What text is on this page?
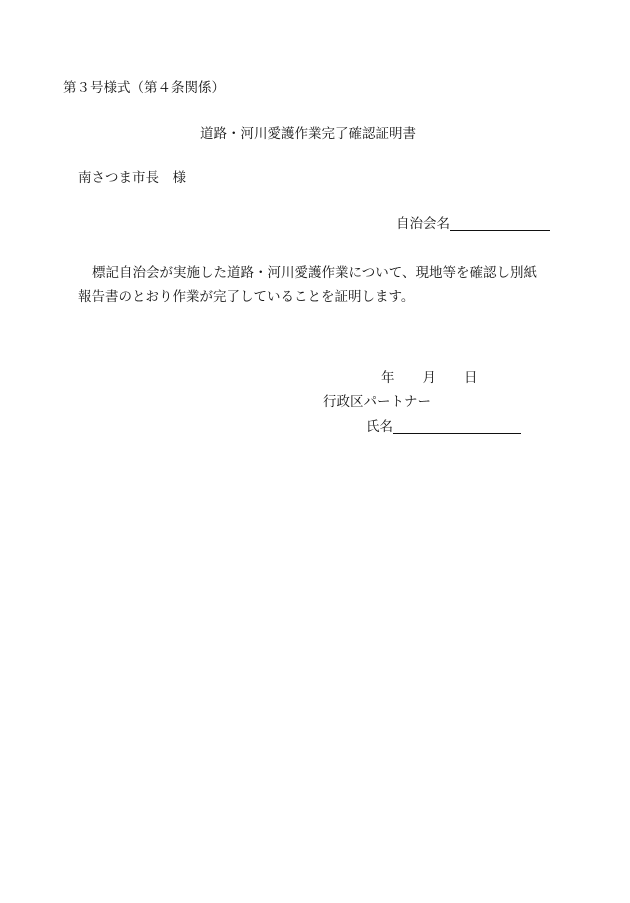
第３号様式（第４条関係）
道路・河川愛護作業完了確認証明書
南さつま市長　様
自治会名

標記自治会が実施した道路・河川愛護作業について、現地等を確認し別紙

報告書のとおり作業が完了していることを証明します。

年 月 日
行政区パートナー
氏名
